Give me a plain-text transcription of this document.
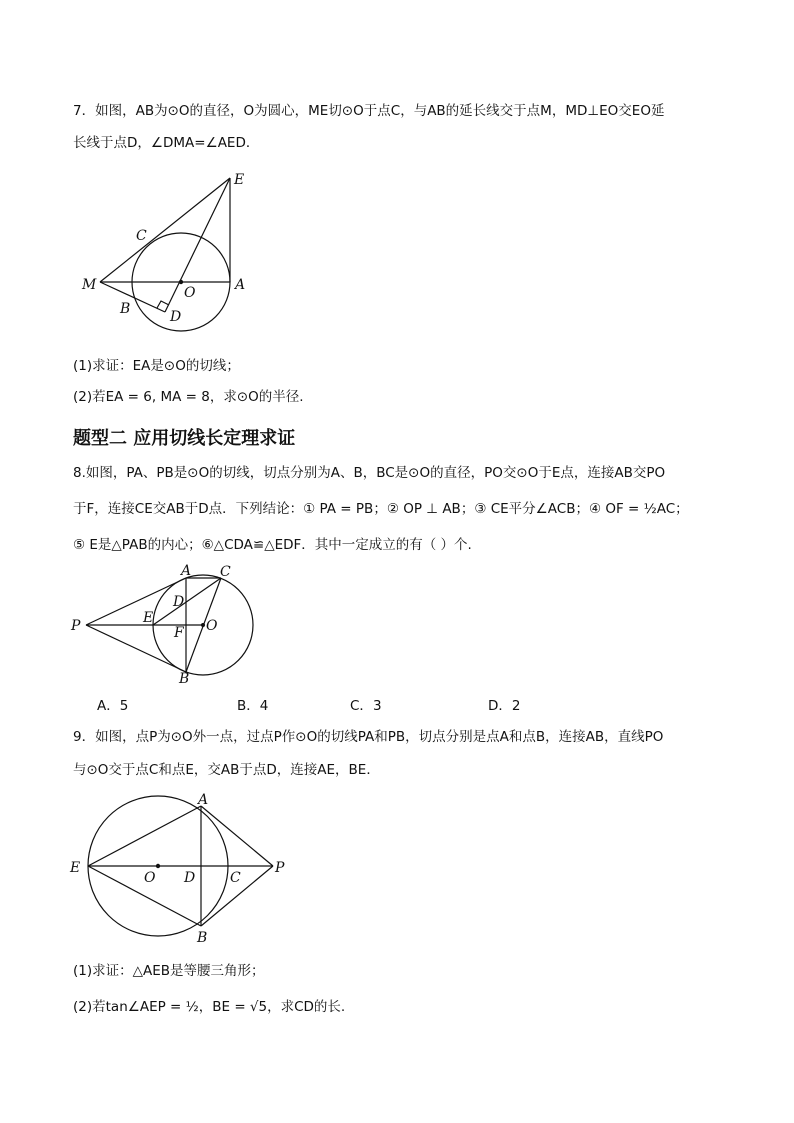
7．如图，AB为⊙O的直径，O为圆心，ME切⊙O于点C，与AB的延长线交于点M，MD⊥EO交EO延
长线于点D，∠DMA=∠AED．
E
C
M	O	A
B	D
(1)求证：EA是⊙O的切线；
(2)若EA = 6, MA = 8，求⊙O的半径.
题型二 应用切线长定理求证
8.如图，PA、PB是⊙O的切线，切点分别为A、B，BC是⊙O的直径，PO交⊙O于E点，连接AB交PO
于F，连接CE交AB于D点．下列结论：① PA = PB；② OP ⊥ AB；③ CE平分∠ACB；④ OF = ½AC；
⑤ E是△PAB的内心；⑥△CDA≌△EDF．其中一定成立的有（ ）个.
A C
D
P	E
F O
B
A．5	B．4	C．3	D．2
9．如图，点P为⊙O外一点，过点P作⊙O的切线PA和PB，切点分别是点A和点B，连接AB，直线PO
与⊙O交于点C和点E，交AB于点D，连接AE，BE．
A
E
O D C
P
B
(1)求证：△AEB是等腰三角形；
(2)若tan∠AEP = ½，BE = √5，求CD的长.
